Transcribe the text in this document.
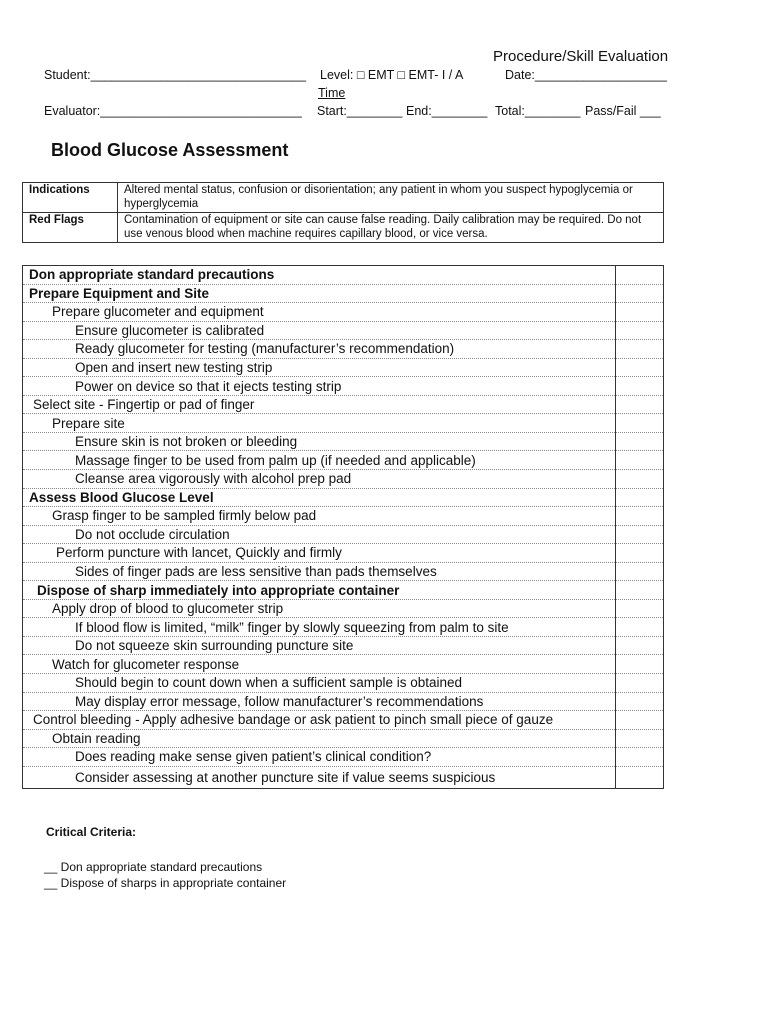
Procedure/Skill Evaluation
Student:_______________________________ Level: □ EMT □ EMT- I / A	Date:___________________
Time
Evaluator:_____________________________ Start:________ End:________ Total:________ Pass/Fail ___
Blood Glucose Assessment
Indications	Altered mental status, confusion or disorientation; any patient in whom you suspect hypoglycemia or hyperglycemia
Red Flags	Contamination of equipment or site can cause false reading. Daily calibration may be required. Do not use venous blood when machine requires capillary blood, or vice versa.
Don appropriate standard precautions	
Prepare Equipment and Site	
Prepare glucometer and equipment	
Ensure glucometer is calibrated	
Ready glucometer for testing (manufacturer’s recommendation)	
Open and insert new testing strip	
Power on device so that it ejects testing strip	
Select site - Fingertip or pad of finger	
Prepare site	
Ensure skin is not broken or bleeding	
Massage finger to be used from palm up (if needed and applicable)	
Cleanse area vigorously with alcohol prep pad	
Assess Blood Glucose Level	
Grasp finger to be sampled firmly below pad	
Do not occlude circulation	
Perform puncture with lancet, Quickly and firmly	
Sides of finger pads are less sensitive than pads themselves	
Dispose of sharp immediately into appropriate container	
Apply drop of blood to glucometer strip	
If blood flow is limited, “milk” finger by slowly squeezing from palm to site	
Do not squeeze skin surrounding puncture site	
Watch for glucometer response	
Should begin to count down when a sufficient sample is obtained	
May display error message, follow manufacturer’s recommendations	
Control bleeding - Apply adhesive bandage or ask patient to pinch small piece of gauze	
Obtain reading	
Does reading make sense given patient’s clinical condition?	
Consider assessing at another puncture site if value seems suspicious	
Critical Criteria:
__ Don appropriate standard precautions
__ Dispose of sharps in appropriate container
